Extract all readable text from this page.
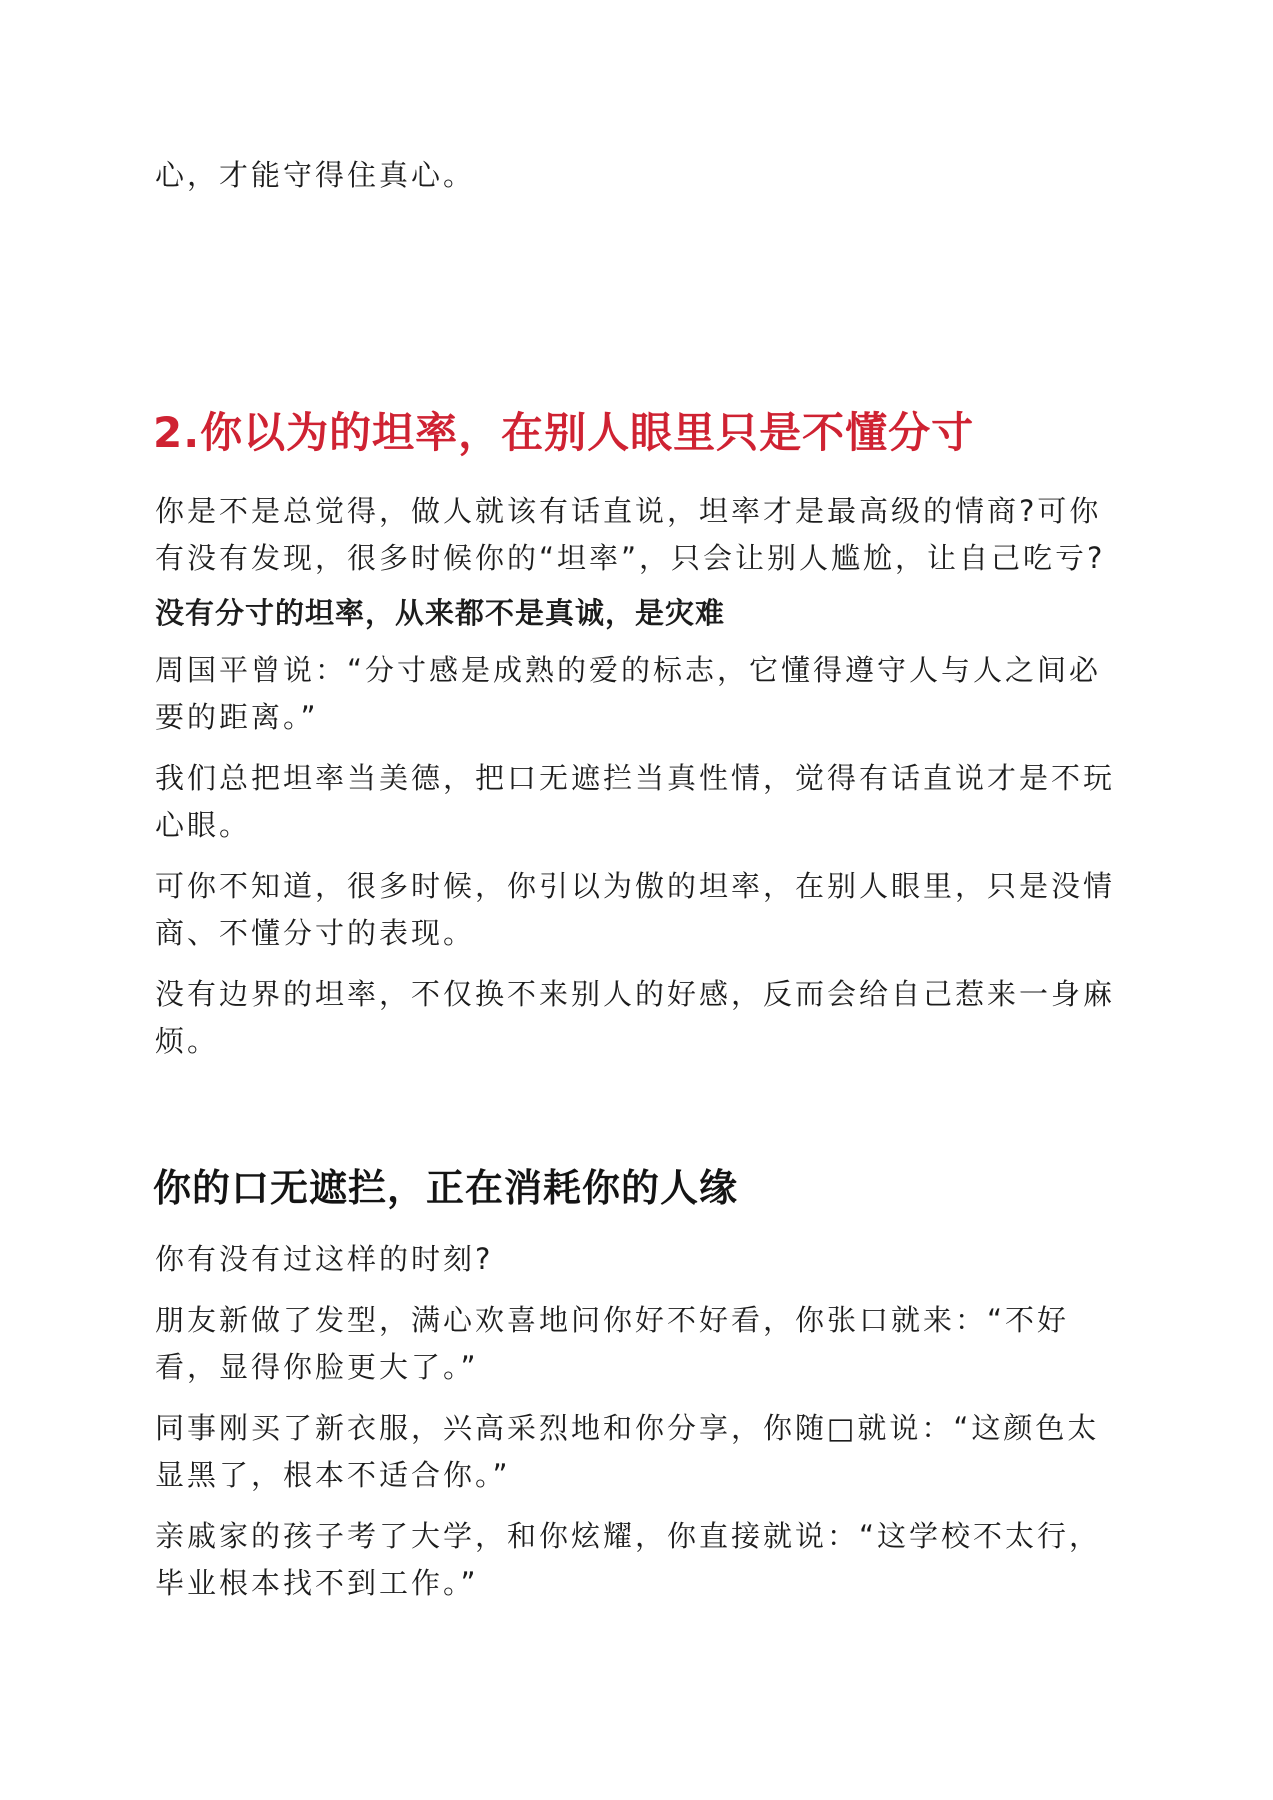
心，才能守得住真心。

2.你以为的坦率，在别人眼里只是不懂分寸

你是不是总觉得，做人就该有话直说，坦率才是最高级的情商?可你有没有发现，很多时候你的“坦率”，只会让别人尴尬，让自己吃亏?

没有分寸的坦率，从来都不是真诚，是灾难

周国平曾说：“分寸感是成熟的爱的标志，它懂得遵守人与人之间必要的距离。”

我们总把坦率当美德，把口无遮拦当真性情，觉得有话直说才是不玩心眼。

可你不知道，很多时候，你引以为傲的坦率，在别人眼里，只是没情商、不懂分寸的表现。

没有边界的坦率，不仅换不来别人的好感，反而会给自己惹来一身麻烦。

你的口无遮拦，正在消耗你的人缘

你有没有过这样的时刻?

朋友新做了发型，满心欢喜地问你好不好看，你张口就来：“不好看，显得你脸更大了。”

同事刚买了新衣服，兴高采烈地和你分享，你随□就说：“这颜色太显黑了，根本不适合你。”

亲戚家的孩子考了大学，和你炫耀，你直接就说：“这学校不太行，毕业根本找不到工作。”
